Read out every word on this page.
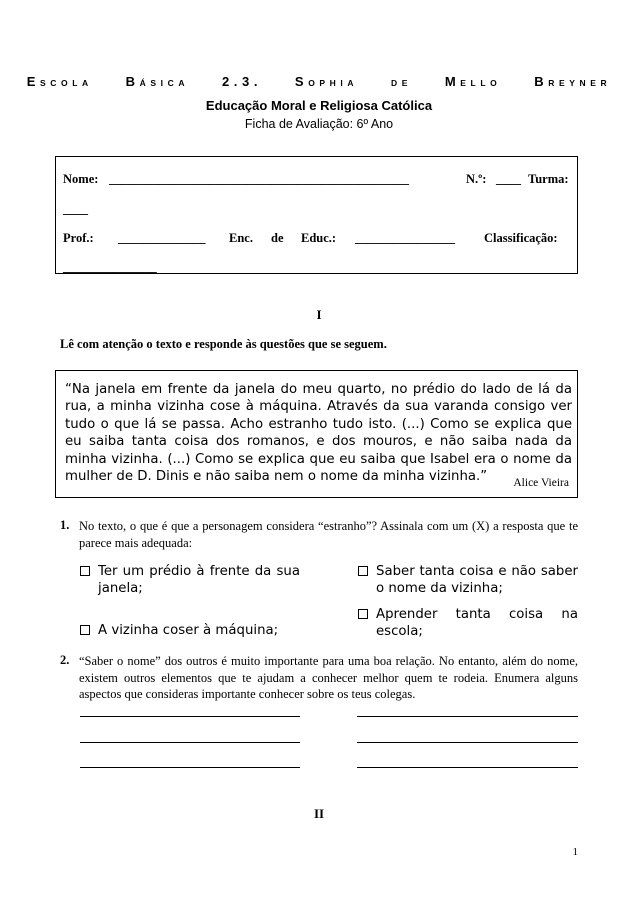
ESCOLA	BÁSICA	2.3.	SOPHIA	DE	MELLO	BREYNER
Educação Moral e Religiosa Católica
Ficha de Avaliação: 6º Ano
Nome: ________________________________________________	N.º: ____ Turma:
____
Prof.: ______________ Enc. de Educ.: ________________ Classificação:
_______________
I
Lê com atenção o texto e responde às questões que se seguem.
“Na janela em frente da janela do meu quarto, no prédio do lado de lá da rua, a minha vizinha cose à máquina. Através da sua varanda consigo ver tudo o que lá se passa. Acho estranho tudo isto. (...) Como se explica que eu saiba tanta coisa dos romanos, e dos mouros, e não saiba nada da minha vizinha. (...) Como se explica que eu saiba que Isabel era o nome da mulher de D. Dinis e não saiba nem o nome da minha vizinha.”	Alice Vieira
1. No texto, o que é que a personagem considera “estranho”? Assinala com um (X) a resposta que te parece mais adequada:
Ter um prédio à frente da sua janela;
Saber tanta coisa e não saber o nome da vizinha;
Aprender tanta coisa na escola;
A vizinha coser à máquina;
2. “Saber o nome” dos outros é muito importante para uma boa relação. No entanto, além do nome, existem outros elementos que te ajudam a conhecer melhor quem te rodeia. Enumera alguns aspectos que consideras importante conhecer sobre os teus colegas.
II
1
